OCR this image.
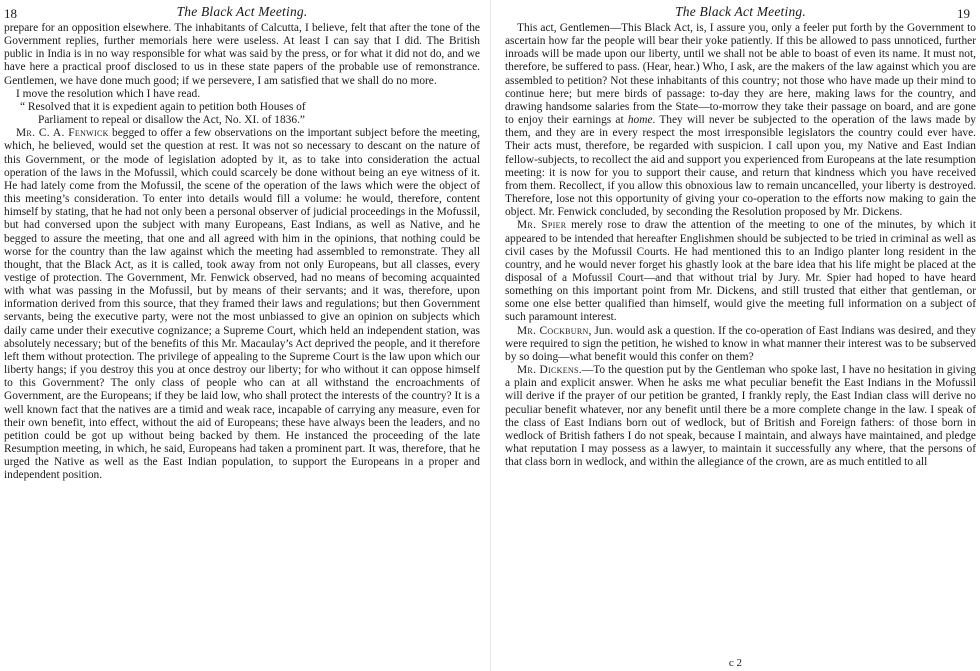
18	The Black Act Meeting.

prepare for an opposition elsewhere. The inhabitants of Calcutta, I believe, felt that after the tone of the Government replies, further memorials here were useless. At least I can say that I did. The British public in India is in no way responsible for what was said by the press, or for what it did not do, and we have here a practical proof disclosed to us in these state papers of the probable use of remonstrance. Gentlemen, we have done much good; if we persevere, I am satisfied that we shall do no more.

I move the resolution which I have read.

“ Resolved that it is expedient again to petition both Houses of

Parliament to repeal or disallow the Act, No. XI. of 1836.”

Mr. C. A. Fenwick begged to offer a few observations on the important subject before the meeting, which, he believed, would set the question at rest. It was not so necessary to descant on the nature of this Government, or the mode of legislation adopted by it, as to take into consideration the actual operation of the laws in the Mofussil, which could scarcely be done without being an eye witness of it. He had lately come from the Mofussil, the scene of the operation of the laws which were the object of this meeting’s consideration. To enter into details would fill a volume: he would, therefore, content himself by stating, that he had not only been a personal observer of judicial proceedings in the Mofussil, but had conversed upon the subject with many Europeans, East Indians, as well as Native, and he begged to assure the meeting, that one and all agreed with him in the opinions, that nothing could be worse for the country than the law against which the meeting had assembled to remonstrate. They all thought, that the Black Act, as it is called, took away from not only Europeans, but all classes, every vestige of protection. The Government, Mr. Fenwick observed, had no means of becoming acquainted with what was passing in the Mofussil, but by means of their servants; and it was, therefore, upon information derived from this source, that they framed their laws and regulations; but then Government servants, being the executive party, were not the most unbiassed to give an opinion on subjects which daily came under their executive cognizance; a Supreme Court, which held an independent station, was absolutely necessary; but of the benefits of this Mr. Macaulay’s Act deprived the people, and it therefore left them without protection. The privilege of appealing to the Supreme Court is the law upon which our liberty hangs; if you destroy this you at once destroy our liberty; for who without it can oppose himself to this Government? The only class of people who can at all withstand the encroachments of Government, are the Europeans; if they be laid low, who shall protect the interests of the country? It is a well known fact that the natives are a timid and weak race, incapable of carrying any measure, even for their own benefit, into effect, without the aid of Europeans; these have always been the leaders, and no petition could be got up without being backed by them. He instanced the proceeding of the late Resumption meeting, in which, he said, Europeans had taken a prominent part. It was, therefore, that he urged the Native as well as the East Indian population, to support the Europeans in a proper and independent position.

The Black Act Meeting.	19

This act, Gentlemen—This Black Act, is, I assure you, only a feeler put forth by the Government to ascertain how far the people will bear their yoke patiently. If this be allowed to pass unnoticed, further inroads will be made upon our liberty, until we shall not be able to boast of even its name. It must not, therefore, be suffered to pass. (Hear, hear.) Who, I ask, are the makers of the law against which you are assembled to petition? Not these inhabitants of this country; not those who have made up their mind to continue here; but mere birds of passage: to-day they are here, making laws for the country, and drawing handsome salaries from the State—to-morrow they take their passage on board, and are gone to enjoy their earnings at home. They will never be subjected to the operation of the laws made by them, and they are in every respect the most irresponsible legislators the country could ever have. Their acts must, therefore, be regarded with suspicion. I call upon you, my Native and East Indian fellow-subjects, to recollect the aid and support you experienced from Europeans at the late resumption meeting: it is now for you to support their cause, and return that kindness which you have received from them. Recollect, if you allow this obnoxious law to remain uncancelled, your liberty is destroyed. Therefore, lose not this opportunity of giving your co-operation to the efforts now making to gain the object. Mr. Fenwick concluded, by seconding the Resolution proposed by Mr. Dickens.

Mr. Spier merely rose to draw the attention of the meeting to one of the minutes, by which it appeared to be intended that hereafter Englishmen should be subjected to be tried in criminal as well as civil cases by the Mofussil Courts. He had mentioned this to an Indigo planter long resident in the country, and he would never forget his ghastly look at the bare idea that his life might be placed at the disposal of a Mofussil Court—and that without trial by Jury. Mr. Spier had hoped to have heard something on this important point from Mr. Dickens, and still trusted that either that gentleman, or some one else better qualified than himself, would give the meeting full information on a subject of such paramount interest.

Mr. Cockburn, Jun. would ask a question. If the co-operation of East Indians was desired, and they were required to sign the petition, he wished to know in what manner their interest was to be subserved by so doing—what benefit would this confer on them?

Mr. Dickens.—To the question put by the Gentleman who spoke last, I have no hesitation in giving a plain and explicit answer. When he asks me what peculiar benefit the East Indians in the Mofussil will derive if the prayer of our petition be granted, I frankly reply, the East Indian class will derive no peculiar benefit whatever, nor any benefit until there be a more complete change in the law. I speak of the class of East Indians born out of wedlock, but of British and Foreign fathers: of those born in wedlock of British fathers I do not speak, because I maintain, and always have maintained, and pledge what reputation I may possess as a lawyer, to maintain it successfully any where, that the persons of that class born in wedlock, and within the allegiance of the crown, are as much entitled to all

c 2
